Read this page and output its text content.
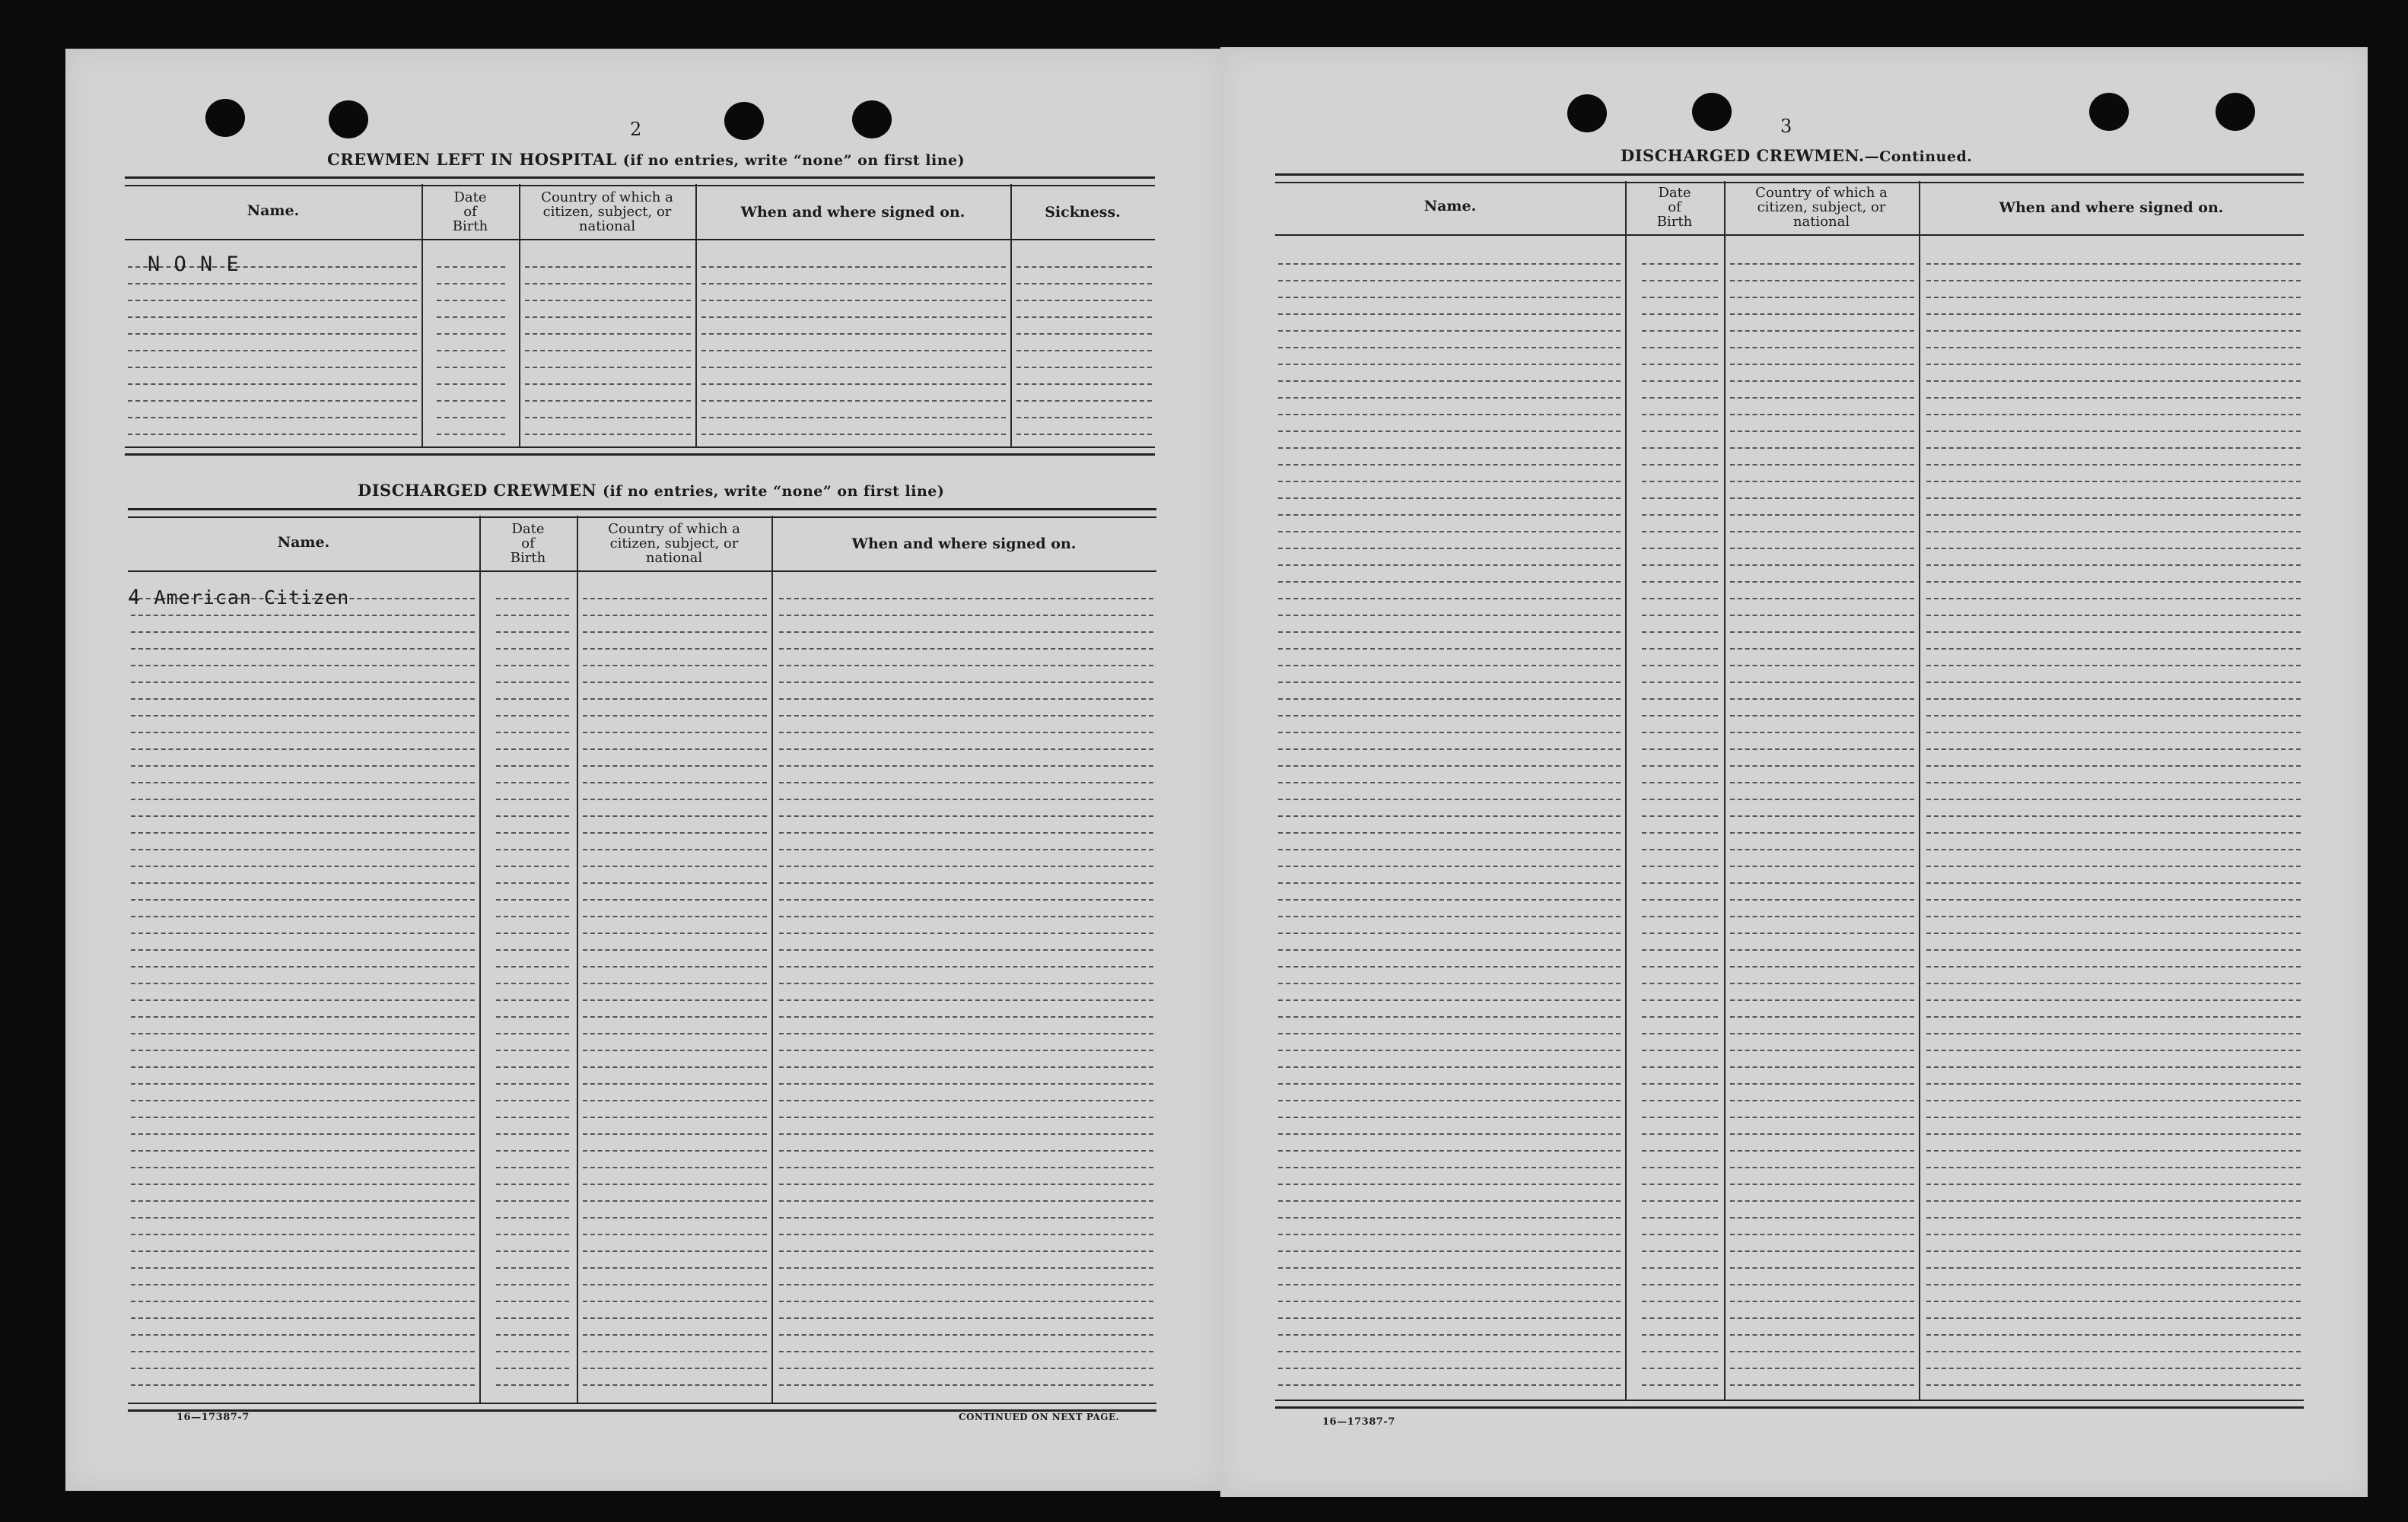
2
CREWMEN LEFT IN HOSPITAL (if no entries, write “none” on first line)
Name.
Date
of
Birth
Country of which a
citizen, subject, or
national
When and where signed on.	Sickness.
N O N E
DISCHARGED CREWMEN (if no entries, write “none” on first line)
Name.
Date
of
Birth
Country of which a
citizen, subject, or
national
When and where signed on.
4 American Citizen
16—17387-7	CONTINUED ON NEXT PAGE.
3
DISCHARGED CREWMEN.—Continued.
Name.
Date
of
Birth
Country of which a
citizen, subject, or
national
When and where signed on.
16—17387-7
